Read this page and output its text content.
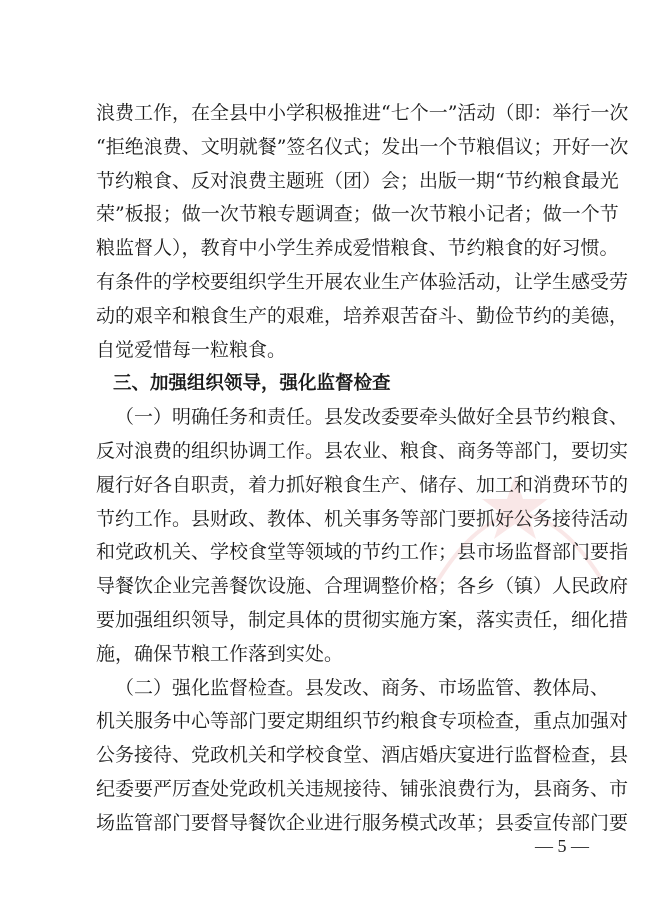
浪费工作，在全县中小学积极推进“七个一”活动（即：举行一次
“拒绝浪费、文明就餐”签名仪式；发出一个节粮倡议；开好一次
节约粮食、反对浪费主题班（团）会；出版一期“节约粮食最光
荣”板报；做一次节粮专题调查；做一次节粮小记者；做一个节
粮监督人），教育中小学生养成爱惜粮食、节约粮食的好习惯。
有条件的学校要组织学生开展农业生产体验活动，让学生感受劳
动的艰辛和粮食生产的艰难，培养艰苦奋斗、勤俭节约的美德，
自觉爱惜每一粒粮食。
三、加强组织领导，强化监督检查
（一）明确任务和责任。县发改委要牵头做好全县节约粮食、
反对浪费的组织协调工作。县农业、粮食、商务等部门，要切实
履行好各自职责，着力抓好粮食生产、储存、加工和消费环节的
节约工作。县财政、教体、机关事务等部门要抓好公务接待活动
和党政机关、学校食堂等领域的节约工作；县市场监督部门要指
导餐饮企业完善餐饮设施、合理调整价格；各乡（镇）人民政府
要加强组织领导，制定具体的贯彻实施方案，落实责任，细化措
施，确保节粮工作落到实处。
（二）强化监督检查。县发改、商务、市场监管、教体局、
机关服务中心等部门要定期组织节约粮食专项检查，重点加强对
公务接待、党政机关和学校食堂、酒店婚庆宴进行监督检查，县
纪委要严厉查处党政机关违规接待、铺张浪费行为，县商务、市
场监管部门要督导餐饮企业进行服务模式改革；县委宣传部门要
— 5 —
